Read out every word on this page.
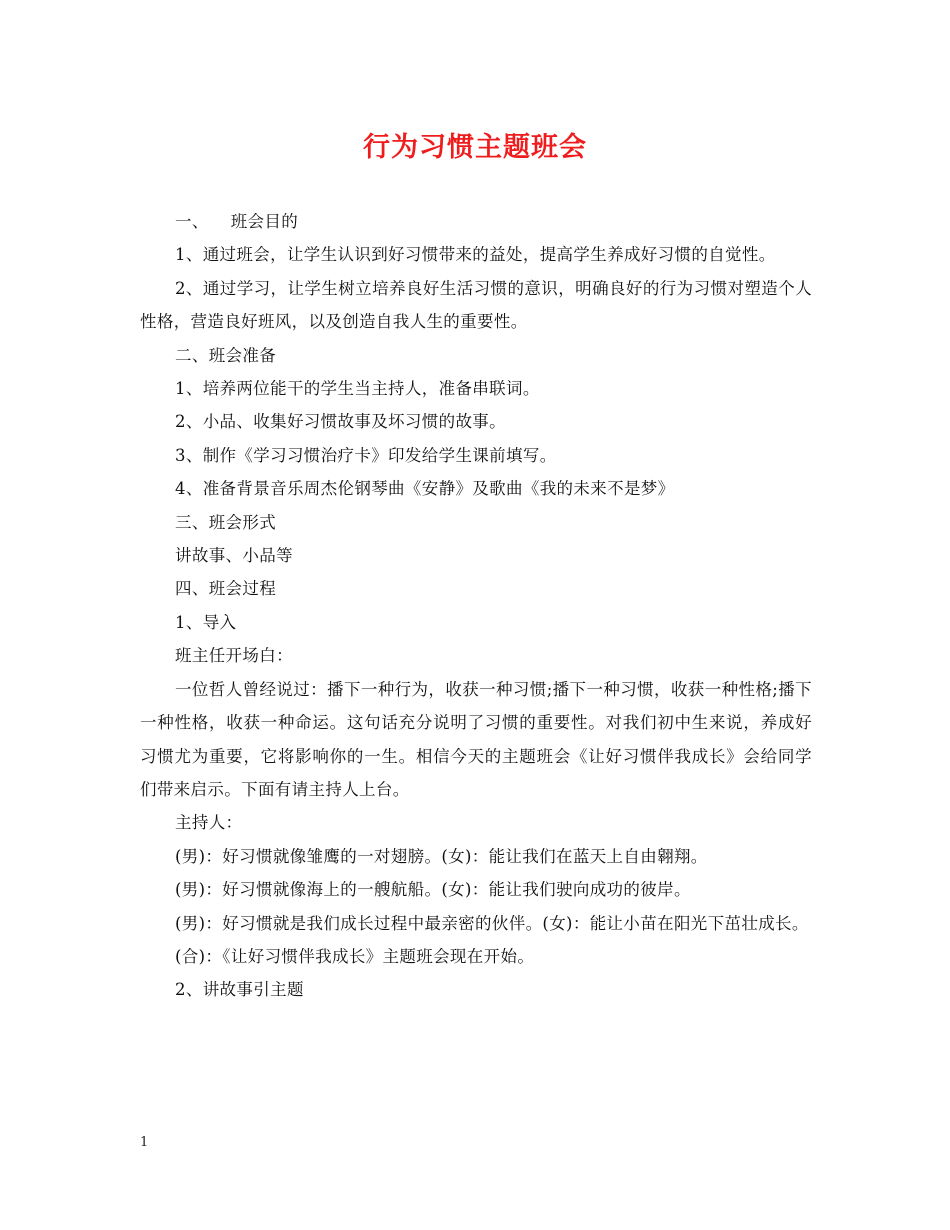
行为习惯主题班会
一、 班会目的

1、通过班会，让学生认识到好习惯带来的益处，提高学生养成好习惯的自觉性。

2、通过学习，让学生树立培养良好生活习惯的意识，明确良好的行为习惯对塑造个人性格，营造良好班风，以及创造自我人生的重要性。

二、班会准备

1、培养两位能干的学生当主持人，准备串联词。

2、小品、收集好习惯故事及坏习惯的故事。

3、制作《学习习惯治疗卡》印发给学生课前填写。

4、准备背景音乐周杰伦钢琴曲《安静》及歌曲《我的未来不是梦》

三、班会形式

讲故事、小品等

四、班会过程

1、导入

班主任开场白：

一位哲人曾经说过：播下一种行为，收获一种习惯;播下一种习惯，收获一种性格;播下一种性格，收获一种命运。这句话充分说明了习惯的重要性。对我们初中生来说，养成好习惯尤为重要，它将影响你的一生。相信今天的主题班会《让好习惯伴我成长》会给同学们带来启示。下面有请主持人上台。

主持人：

(男)：好习惯就像雏鹰的一对翅膀。(女)：能让我们在蓝天上自由翱翔。

(男)：好习惯就像海上的一艘航船。(女)：能让我们驶向成功的彼岸。

(男)：好习惯就是我们成长过程中最亲密的伙伴。(女)：能让小苗在阳光下茁壮成长。

(合)：《让好习惯伴我成长》主题班会现在开始。

2、讲故事引主题

1
